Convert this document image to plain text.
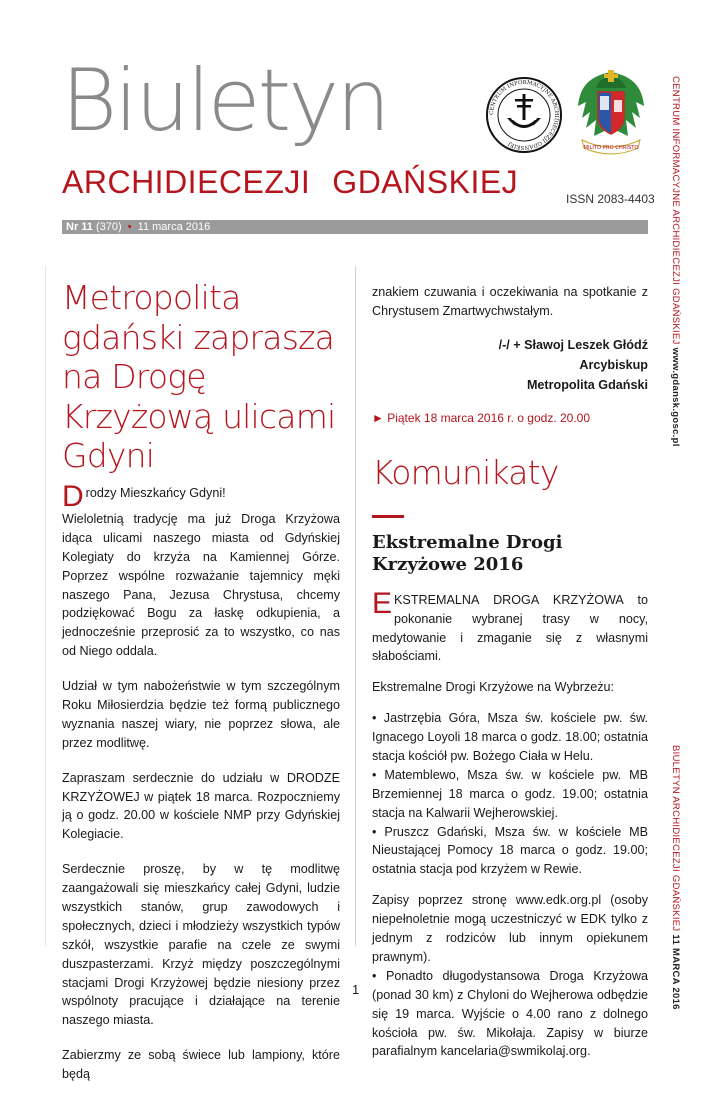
Biuletyn
ARCHIDIECEZJI GDAŃSKIEJ	ISSN 2083-4403
CENTRUM INFORMACYJNE ARCHIDIECEZJI GDAŃSKIEJ
MILITO PRO CHRISTO
Nr 11 (370) • 11 marca 2016	CENTRUM INFORMACYJNE ARCHIDIECEZJI GDAŃSKIEJ www.gdansk.gosc.pl
BIULETYN ARCHIDIECEZJI GDAŃSKIEJ 11 MARCA 2016
Metropolita gdański zaprasza na Drogę Krzyżową ulicami Gdyni

Drodzy Mieszkańcy Gdyni!

Wieloletnią tradycję ma już Droga Krzyżowa idąca ulicami naszego miasta od Gdyńskiej Kolegiaty do krzyża na Kamiennej Górze. Poprzez wspólne rozważanie tajemnicy męki naszego Pana, Jezusa Chrystusa, chcemy podziękować Bogu za łaskę odkupienia, a jednocześnie przeprosić za to wszystko, co nas od Niego oddala.

Udział w tym nabożeństwie w tym szczególnym Roku Miłosierdzia będzie też formą publicznego wyznania naszej wiary, nie poprzez słowa, ale przez modlitwę.

Zapraszam serdecznie do udziału w DRODZE KRZYŻOWEJ w piątek 18 marca. Rozpoczniemy ją o godz. 20.00 w kościele NMP przy Gdyńskiej Kolegiacie.

Serdecznie proszę, by w tę modlitwę zaangażowali się mieszkańcy całej Gdyni, ludzie wszystkich stanów, grup zawodowych i społecznych, dzieci i młodzieży wszystkich typów szkół, wszystkie parafie na czele ze swymi duszpasterzami. Krzyż między poszczególnymi stacjami Drogi Krzyżowej będzie niesiony przez wspólnoty pracujące i działające na terenie naszego miasta.

Zabierzmy ze sobą świece lub lampiony, które będą

znakiem czuwania i oczekiwania na spotkanie z Chrystusem Zmartwychwstałym.

/-/ + Sławoj Leszek Głódź
Arcybiskup
Metropolita Gdański
► Piątek 18 marca 2016 r. o godz. 20.00
Komunikaty
Ekstremalne Drogi Krzyżowe 2016

EKSTREMALNA DROGA KRZYŻOWA to pokonanie wybranej trasy w nocy, medytowanie i zmaganie się z własnymi słabościami.

Ekstremalne Drogi Krzyżowe na Wybrzeżu:

• Jastrzębia Góra, Msza św. kościele pw. św. Ignacego Loyoli 18 marca o godz. 18.00; ostatnia stacja kościół pw. Bożego Ciała w Helu.

• Matemblewo, Msza św. w kościele pw. MB Brzemiennej 18 marca o godz. 19.00; ostatnia stacja na Kalwarii Wejherowskiej.

• Pruszcz Gdański, Msza św. w kościele MB Nieustającej Pomocy 18 marca o godz. 19.00; ostatnia stacja pod krzyżem w Rewie.

Zapisy poprzez stronę www.edk.org.pl (osoby niepełnoletnie mogą uczestniczyć w EDK tylko z jednym z rodziców lub innym opiekunem prawnym).

• Ponadto długodystansowa Droga Krzyżowa (ponad 30 km) z Chyloni do Wejherowa odbędzie się 19 marca. Wyjście o 4.00 rano z dolnego kościoła pw. św. Mikołaja. Zapisy w biurze parafialnym kancelaria@swmikolaj.org.

1
